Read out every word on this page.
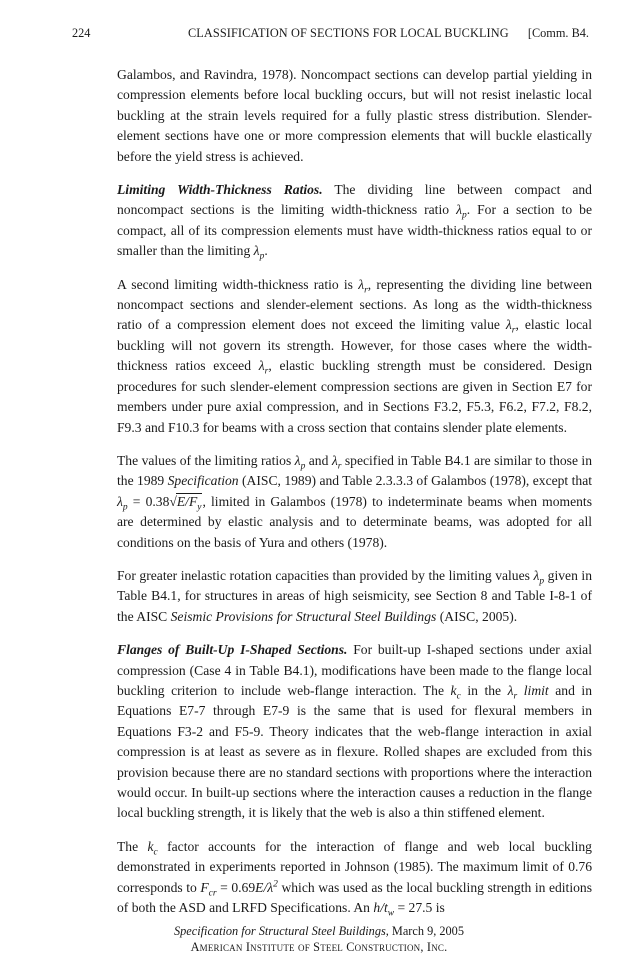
224	CLASSIFICATION OF SECTIONS FOR LOCAL BUCKLING [Comm. B4.

Galambos, and Ravindra, 1978). Noncompact sections can develop partial yielding in compression elements before local buckling occurs, but will not resist inelastic local buckling at the strain levels required for a fully plastic stress distribution. Slender-element sections have one or more compression elements that will buckle elastically before the yield stress is achieved.

Limiting Width-Thickness Ratios. The dividing line between compact and noncompact sections is the limiting width-thickness ratio $\lambda_p$. For a section to be compact, all of its compression elements must have width-thickness ratios equal to or smaller than the limiting $\lambda_p$.

A second limiting width-thickness ratio is $\lambda_r$, representing the dividing line between noncompact sections and slender-element sections. As long as the width-thickness ratio of a compression element does not exceed the limiting value $\lambda_r$, elastic local buckling will not govern its strength. However, for those cases where the width-thickness ratios exceed $\lambda_r$, elastic buckling strength must be considered. Design procedures for such slender-element compression sections are given in Section E7 for members under pure axial compression, and in Sections F3.2, F5.3, F6.2, F7.2, F8.2, F9.3 and F10.3 for beams with a cross section that contains slender plate elements.

The values of the limiting ratios $\lambda_p$ and $\lambda_r$ specified in Table B4.1 are similar to those in the 1989 Specification (AISC, 1989) and Table 2.3.3.3 of Galambos (1978), except that $\lambda_p = 0.38√E/F_y$, limited in Galambos (1978) to indeterminate beams when moments are determined by elastic analysis and to determinate beams, was adopted for all conditions on the basis of Yura and others (1978).

For greater inelastic rotation capacities than provided by the limiting values $\lambda_p$ given in Table B4.1, for structures in areas of high seismicity, see Section 8 and Table I-8-1 of the AISC Seismic Provisions for Structural Steel Buildings (AISC, 2005).

Flanges of Built-Up I-Shaped Sections. For built-up I-shaped sections under axial compression (Case 4 in Table B4.1), modifications have been made to the flange local buckling criterion to include web-flange interaction. The $k_c$ in the $\lambda_r$ limit and in Equations E7-7 through E7-9 is the same that is used for flexural members in Equations F3-2 and F5-9. Theory indicates that the web-flange interaction in axial compression is at least as severe as in flexure. Rolled shapes are excluded from this provision because there are no standard sections with proportions where the interaction would occur. In built-up sections where the interaction causes a reduction in the flange local buckling strength, it is likely that the web is also a thin stiffened element.

The $k_c$ factor accounts for the interaction of flange and web local buckling demonstrated in experiments reported in Johnson (1985). The maximum limit of 0.76 corresponds to $F_{cr} = 0.69E/\lambda^2$ which was used as the local buckling strength in editions of both the ASD and LRFD Specifications. An $h/t_w = 27.5$ is

Specification for Structural Steel Buildings, March 9, 2005
American Institute of Steel Construction, Inc.
